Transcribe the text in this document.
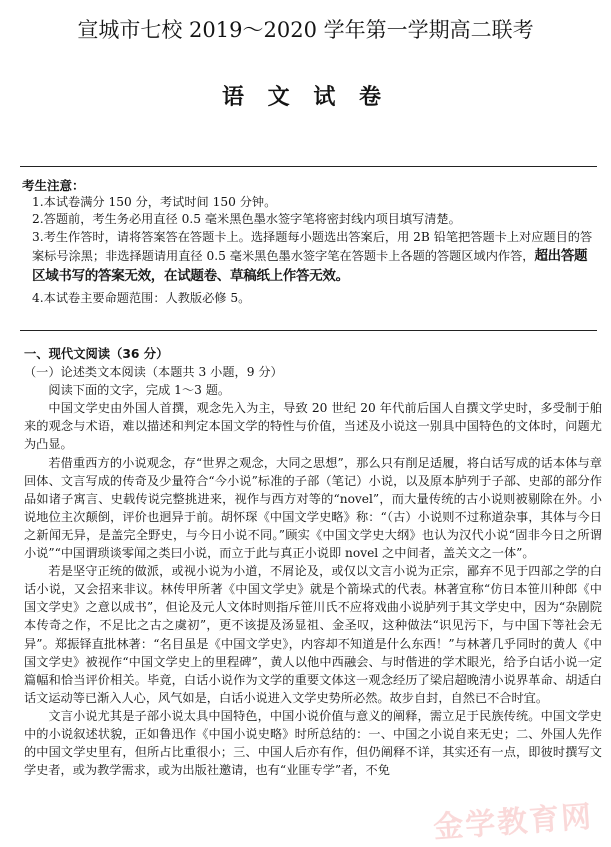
宣城市七校 2019～2020 学年第一学期高二联考
语 文 试 卷
考生注意：
1.本试卷满分 150 分，考试时间 150 分钟。
2.答题前，考生务必用直径 0.5 毫米黑色墨水签字笔将密封线内项目填写清楚。
3.考生作答时，请将答案答在答题卡上。选择题每小题选出答案后，用 2B 铅笔把答题卡上对应题目的答案标号涂黑；非选择题请用直径 0.5 毫米黑色墨水签字笔在答题卡上各题的答题区域内作答，超出答题区域书写的答案无效，在试题卷、草稿纸上作答无效。
4.本试卷主要命题范围：人教版必修 5。
一、现代文阅读（36 分）
（一）论述类文本阅读（本题共 3 小题，9 分）

阅读下面的文字，完成 1～3 题。

中国文学史由外国人首撰，观念先入为主，导致 20 世纪 20 年代前后国人自撰文学史时，多受制于舶来的观念与术语，难以描述和判定本国文学的特性与价值，当述及小说这一别具中国特色的文体时，问题尤为凸显。

若借重西方的小说观念，存“世界之观念，大同之思想”，那么只有削足适履，将白话写成的话本体与章回体、文言写成的传奇及少量符合“今小说”标准的子部（笔记）小说，以及原本胪列于子部、史部的部分作品如诸子寓言、史载传说完整挑进来，视作与西方对等的“novel”，而大量传统的古小说则被剔除在外。小说地位主次颠倒，评价也迥异于前。胡怀琛《中国文学史略》称：“（古）小说则不过称道杂事，其体与今日之新闻无异，是盖完全野史，与今日小说不同。”顾实《中国文学史大纲》也认为汉代小说“固非今日之所谓小说”“中国谓琐谈零闻之类曰小说，而立于此与真正小说即 novel 之中间者，盖关文之一体”。

若是坚守正统的做派，或视小说为小道，不屑论及，或仅以文言小说为正宗，鄙弃不见于四部之学的白话小说，又会招来非议。林传甲所著《中国文学史》就是个箭垛式的代表。林著宣称“仿日本笹川种郎《中国文学史》之意以成书”，但论及元人文体时则指斥笹川氏不应将戏曲小说胪列于其文学史中，因为“杂剧院本传奇之作，不足比之古之虞初”，更不该提及汤显祖、金圣叹，这种做法“识见污下，与中国下等社会无异”。郑振铎直批林著：“名目虽是《中国文学史》，内容却不知道是什么东西！”与林著几乎同时的黄人《中国文学史》被视作“中国文学史上的里程碑”，黄人以他中西融会、与时偕进的学术眼光，给予白话小说一定篇幅和恰当评价相关。毕竟，白话小说作为文学的重要文体这一观念经历了梁启超晚清小说界革命、胡适白话文运动等已渐入人心，风气如是，白话小说进入文学史势所必然。故步自封，自然已不合时宜。

文言小说尤其是子部小说太具中国特色，中国小说价值与意义的阐释，需立足于民族传统。中国文学史中的小说叙述状貌，正如鲁迅作《中国小说史略》时所总结的：一、中国之小说自来无史；二、外国人先作的中国文学史里有，但所占比重很小；三、中国人后亦有作，但仍阐释不详，其实还有一点，即彼时撰写文学史者，或为教学需求，或为出版社邀请，也有“业匪专学”者，不免

金学教育网
